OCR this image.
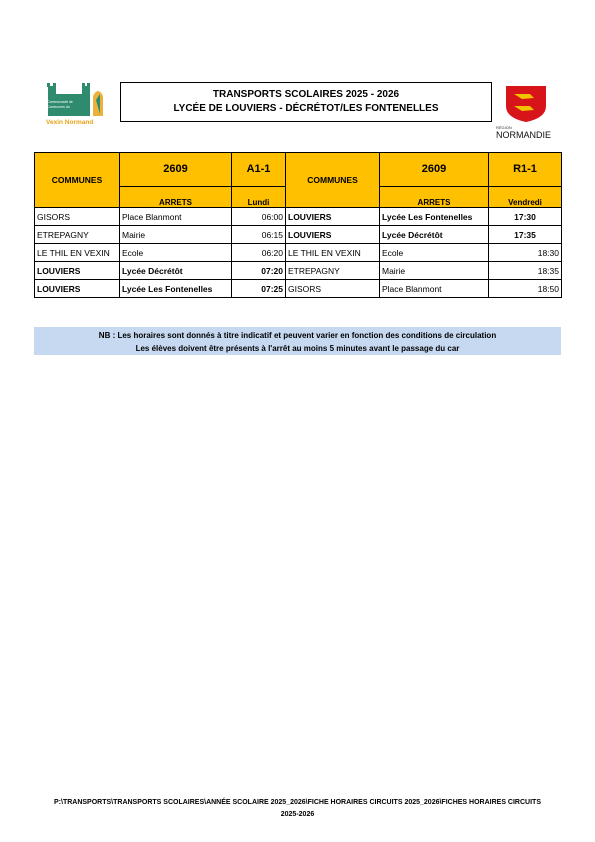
Communauté de
Communes du
Vexin Normand
TRANSPORTS SCOLAIRES 2025 - 2026
LYCÉE DE LOUVIERS - DÉCRÉTOT/LES FONTENELLES
RÉGION
NORMANDIE
COMMUNES	2609	A1-1	COMMUNES	2609	R1-1
	ARRETS	Lundi		ARRETS	Vendredi
GISORS	Place Blanmont	06:00	LOUVIERS	Lycée Les Fontenelles	17:30
ETREPAGNY	Mairie	06:15	LOUVIERS	Lycée Décrétôt	17:35
LE THIL EN VEXIN	Ecole	06:20	LE THIL EN VEXIN	Ecole	18:30
LOUVIERS	Lycée Décrétôt	07:20	ETREPAGNY	Mairie	18:35
LOUVIERS	Lycée Les Fontenelles	07:25	GISORS	Place Blanmont	18:50
NB : Les horaires sont donnés à titre indicatif et peuvent varier en fonction des conditions de circulation
Les élèves doivent être présents à l'arrêt au moins 5 minutes avant le passage du car
P:\TRANSPORTS\TRANSPORTS SCOLAIRES\ANNÉE SCOLAIRE 2025_2026\FICHE HORAIRES CIRCUITS 2025_2026\FICHES HORAIRES CIRCUITS
2025-2026
